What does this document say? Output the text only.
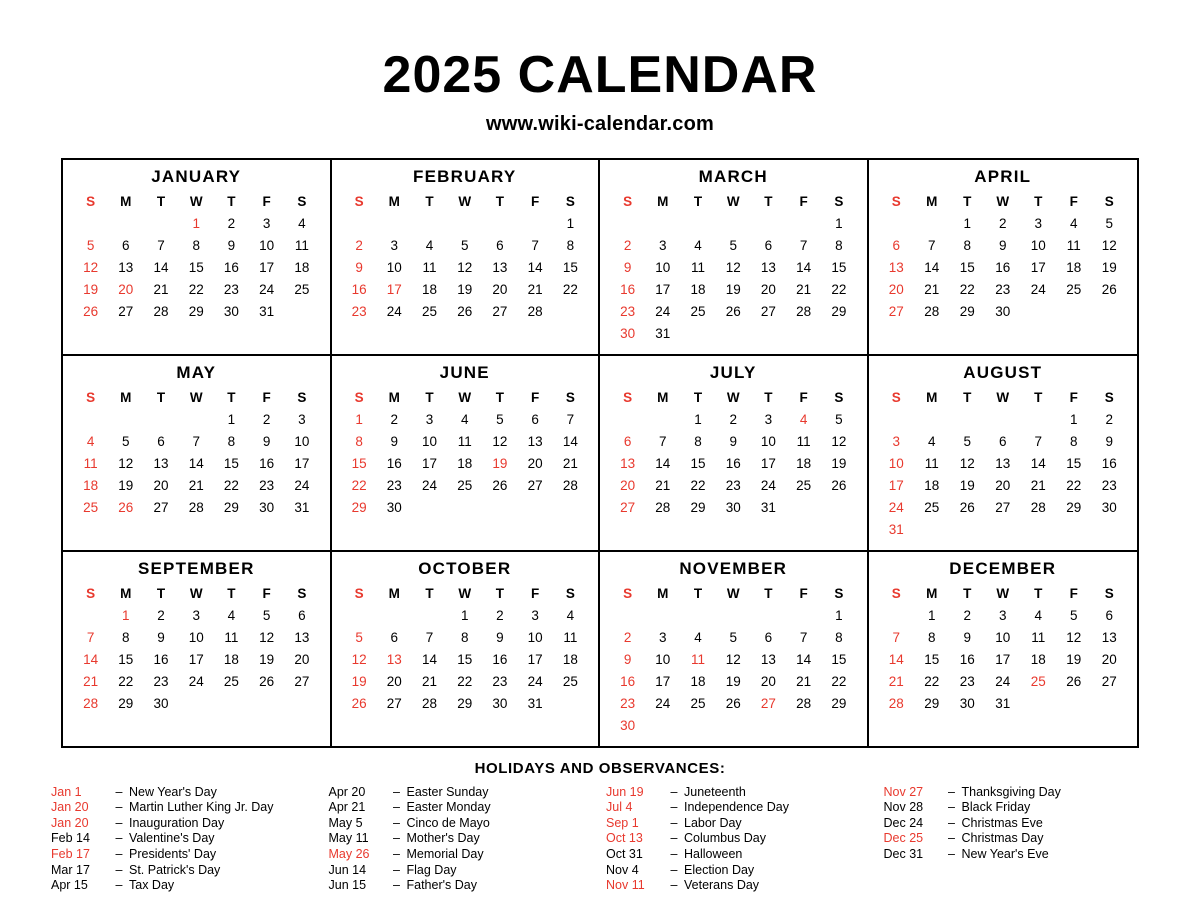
2025 CALENDAR
www.wiki-calendar.com
JANUARY
S	M	T	W	T	F	S
			1	2	3	4
5	6	7	8	9	10	11
12	13	14	15	16	17	18
19	20	21	22	23	24	25
26	27	28	29	30	31	
FEBRUARY
S	M	T	W	T	F	S
						1
2	3	4	5	6	7	8
9	10	11	12	13	14	15
16	17	18	19	20	21	22
23	24	25	26	27	28	
MARCH
S	M	T	W	T	F	S
						1
2	3	4	5	6	7	8
9	10	11	12	13	14	15
16	17	18	19	20	21	22
23	24	25	26	27	28	29
30	31					
APRIL
S	M	T	W	T	F	S
		1	2	3	4	5
6	7	8	9	10	11	12
13	14	15	16	17	18	19
20	21	22	23	24	25	26
27	28	29	30			
MAY
S	M	T	W	T	F	S
				1	2	3
4	5	6	7	8	9	10
11	12	13	14	15	16	17
18	19	20	21	22	23	24
25	26	27	28	29	30	31
JUNE
S	M	T	W	T	F	S
1	2	3	4	5	6	7
8	9	10	11	12	13	14
15	16	17	18	19	20	21
22	23	24	25	26	27	28
29	30					
JULY
S	M	T	W	T	F	S
		1	2	3	4	5
6	7	8	9	10	11	12
13	14	15	16	17	18	19
20	21	22	23	24	25	26
27	28	29	30	31		
AUGUST
S	M	T	W	T	F	S
					1	2
3	4	5	6	7	8	9
10	11	12	13	14	15	16
17	18	19	20	21	22	23
24	25	26	27	28	29	30
31						
SEPTEMBER
S	M	T	W	T	F	S
	1	2	3	4	5	6
7	8	9	10	11	12	13
14	15	16	17	18	19	20
21	22	23	24	25	26	27
28	29	30				
OCTOBER
S	M	T	W	T	F	S
			1	2	3	4
5	6	7	8	9	10	11
12	13	14	15	16	17	18
19	20	21	22	23	24	25
26	27	28	29	30	31	
NOVEMBER
S	M	T	W	T	F	S
						1
2	3	4	5	6	7	8
9	10	11	12	13	14	15
16	17	18	19	20	21	22
23	24	25	26	27	28	29
30						
DECEMBER
S	M	T	W	T	F	S
	1	2	3	4	5	6
7	8	9	10	11	12	13
14	15	16	17	18	19	20
21	22	23	24	25	26	27
28	29	30	31			
HOLIDAYS AND OBSERVANCES:
Jan 1	– New Year's Day
Jan 20	– Martin Luther King Jr. Day
Jan 20	– Inauguration Day
Feb 14	– Valentine's Day
Feb 17	– Presidents' Day
Mar 17	– St. Patrick's Day
Apr 15	– Tax Day
Apr 20	– Easter Sunday
Apr 21	– Easter Monday
May 5	– Cinco de Mayo
May 11	– Mother's Day
May 26	– Memorial Day
Jun 14	– Flag Day
Jun 15	– Father's Day
Jun 19	– Juneteenth
Jul 4	– Independence Day
Sep 1	– Labor Day
Oct 13	– Columbus Day
Oct 31	– Halloween
Nov 4	– Election Day
Nov 11	– Veterans Day
Nov 27	– Thanksgiving Day
Nov 28	– Black Friday
Dec 24	– Christmas Eve
Dec 25	– Christmas Day
Dec 31	– New Year's Eve
